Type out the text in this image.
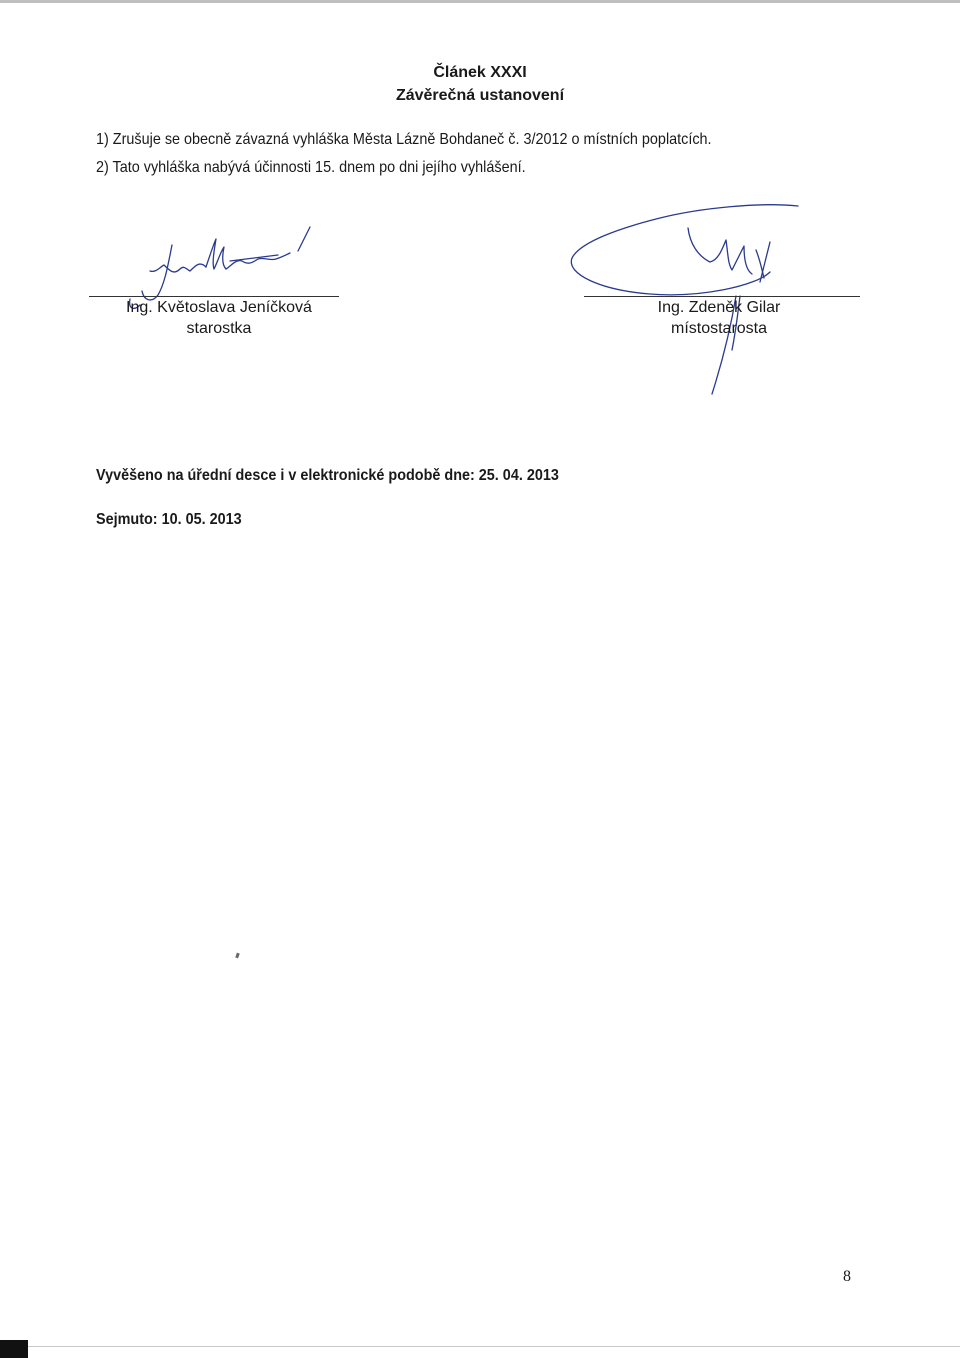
Článek XXXI
Závěrečná ustanovení
1) Zrušuje se obecně závazná vyhláška Města Lázně Bohdaneč č. 3/2012 o místních poplatcích.
2) Tato vyhláška nabývá účinnosti 15. dnem po dni jejího vyhlášení.
Ing. Květoslava Jeníčková
starostka
Ing. Zdeněk Gilar
místostarosta
Vyvěšeno na úřední desce i v elektronické podobě dne: 25. 04. 2013
Sejmuto: 10. 05. 2013
8
